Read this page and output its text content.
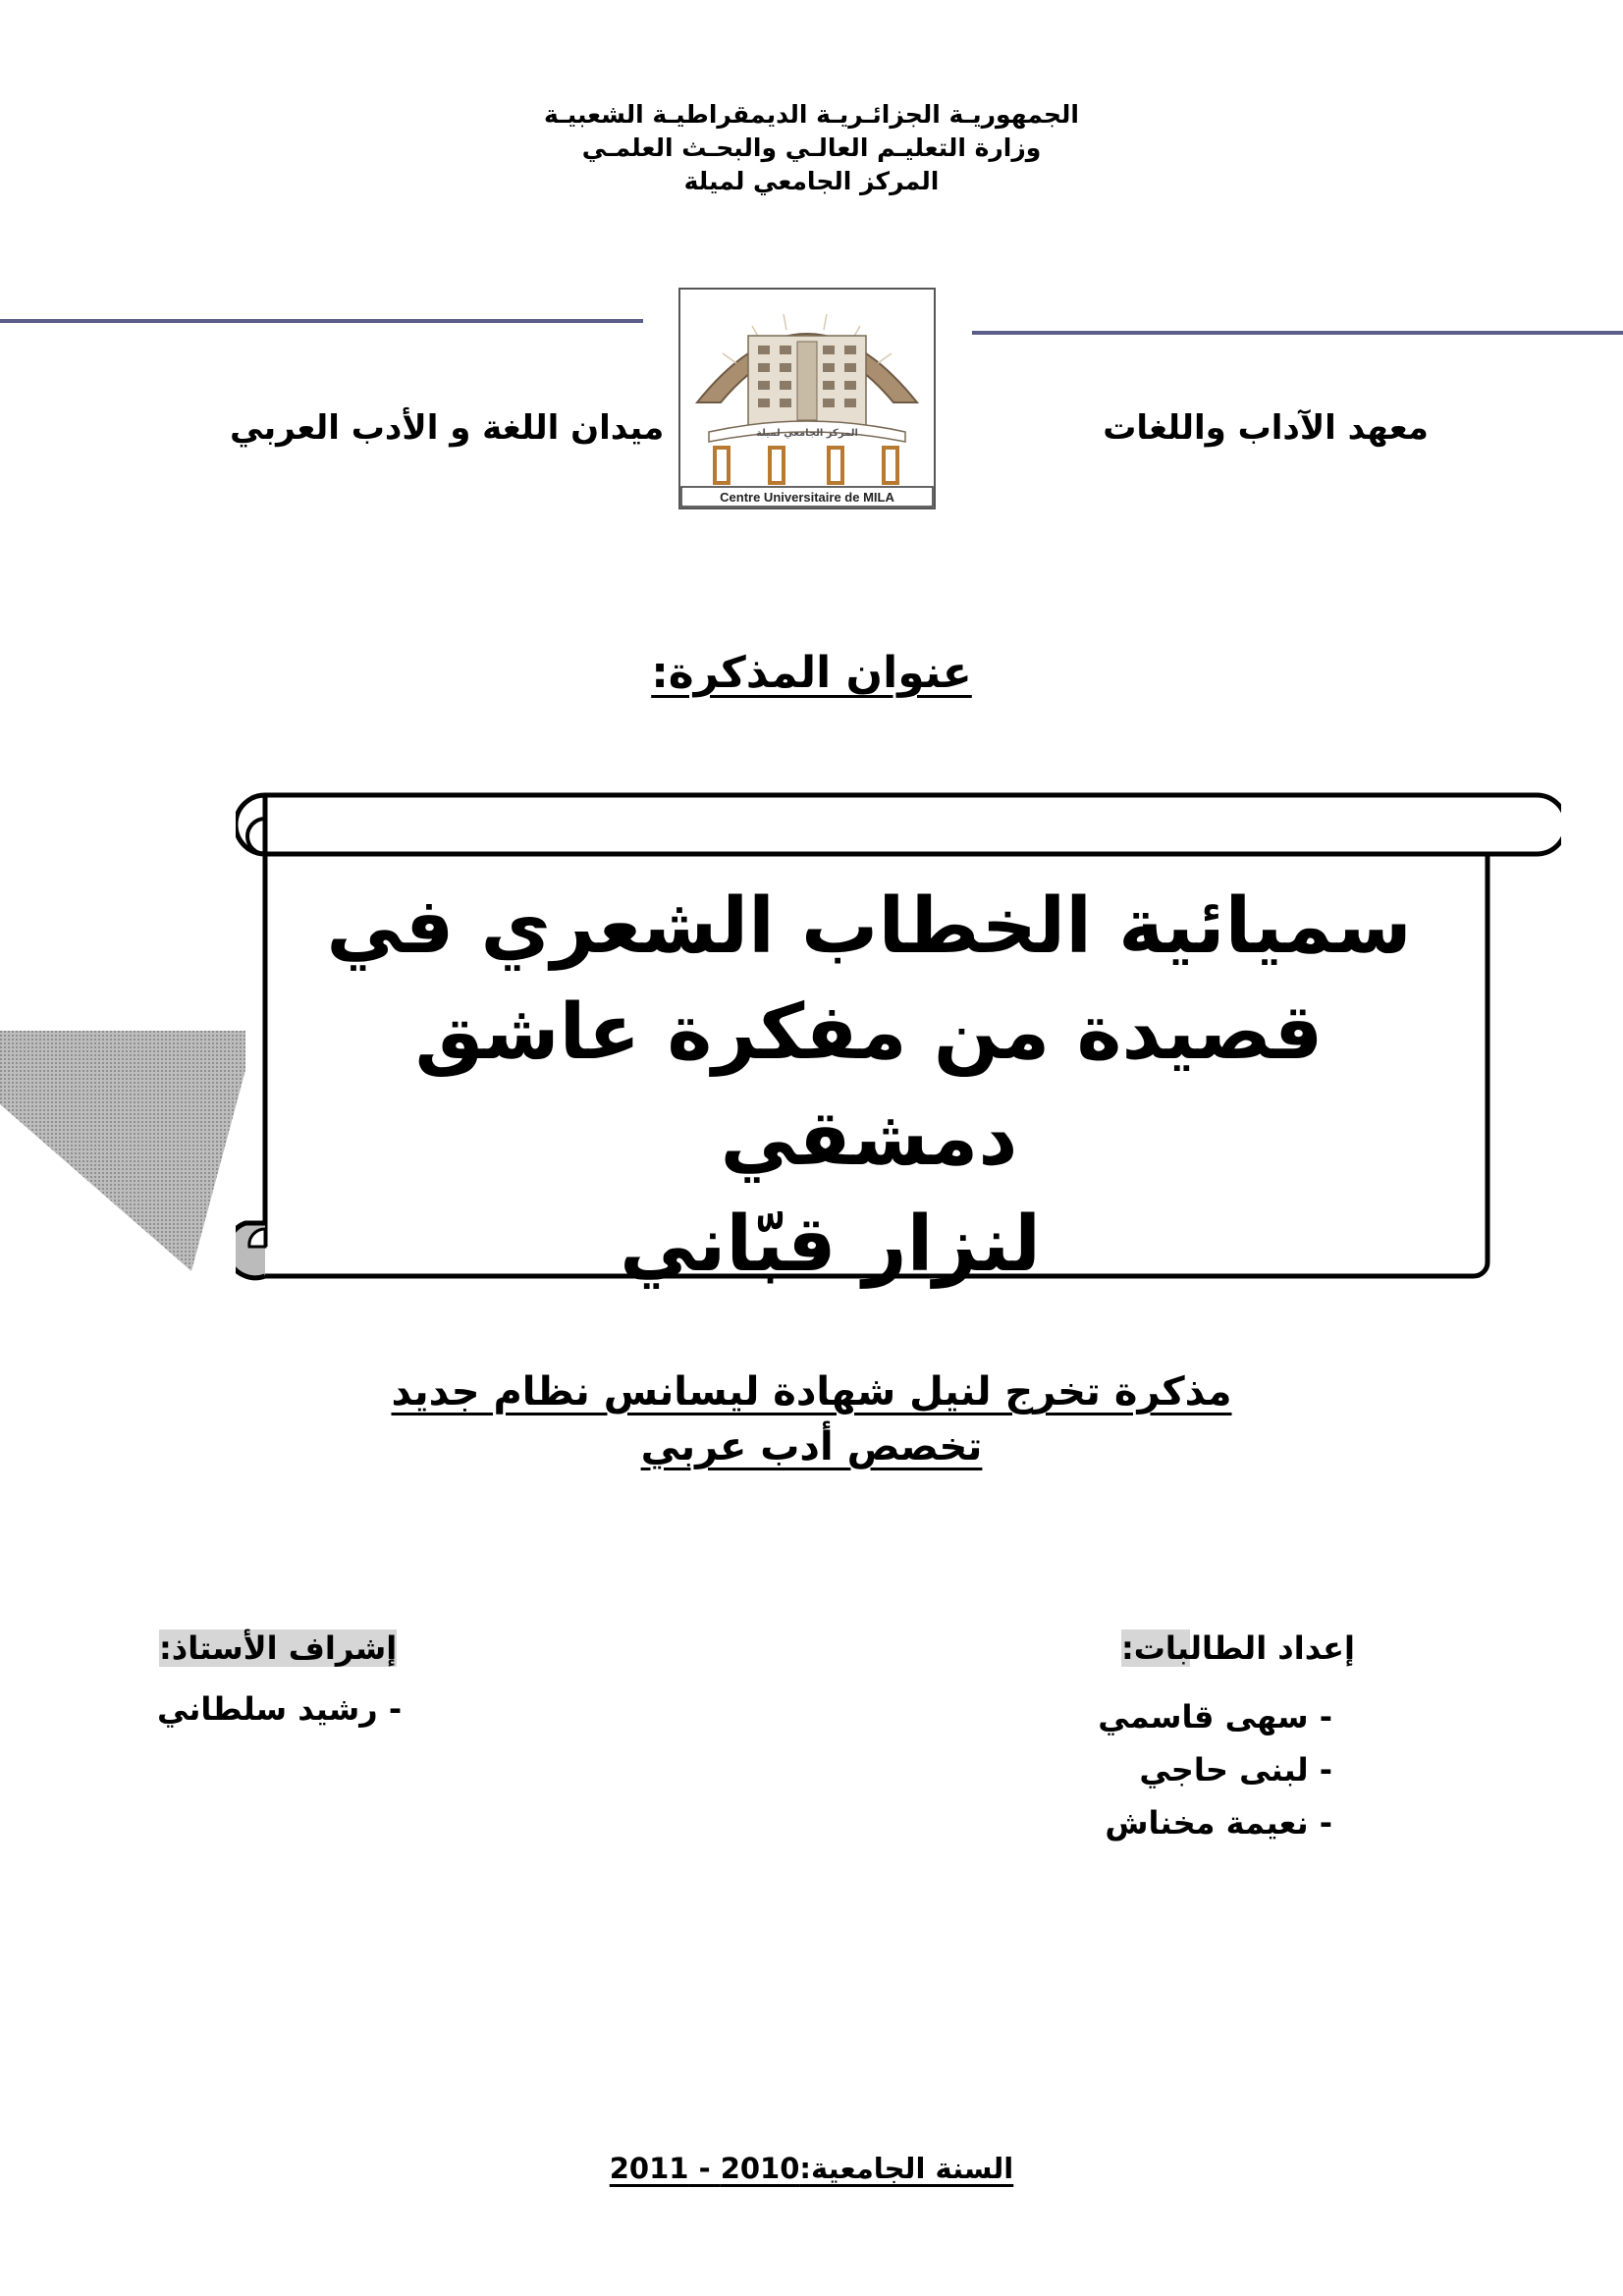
الجمهوريـة الجزائـريـة الديمقراطيـة الشعبيـة
وزارة التعليـم العالـي والبحـث العلمـي
المركز الجامعي لميلة
المركز الجامعي لميلة
Centre Universitaire de MILA
معهد الآداب واللغات
ميدان اللغة و الأدب العربي
عنوان المذكرة:
سميائية الخطاب الشعري في
قصيدة من مفكرة عاشق دمشقي
لنزار قبّاني
مذكرة تخرج لنيل شهادة ليسانس نظام جديد
تخصص أدب عربي
إعداد الطالبات:
- سهى قاسمي
- لبنى حاجي
- نعيمة مخناش
إشراف الأستاذ:
- رشيد سلطاني
السنة الجامعية:2010 - 2011
